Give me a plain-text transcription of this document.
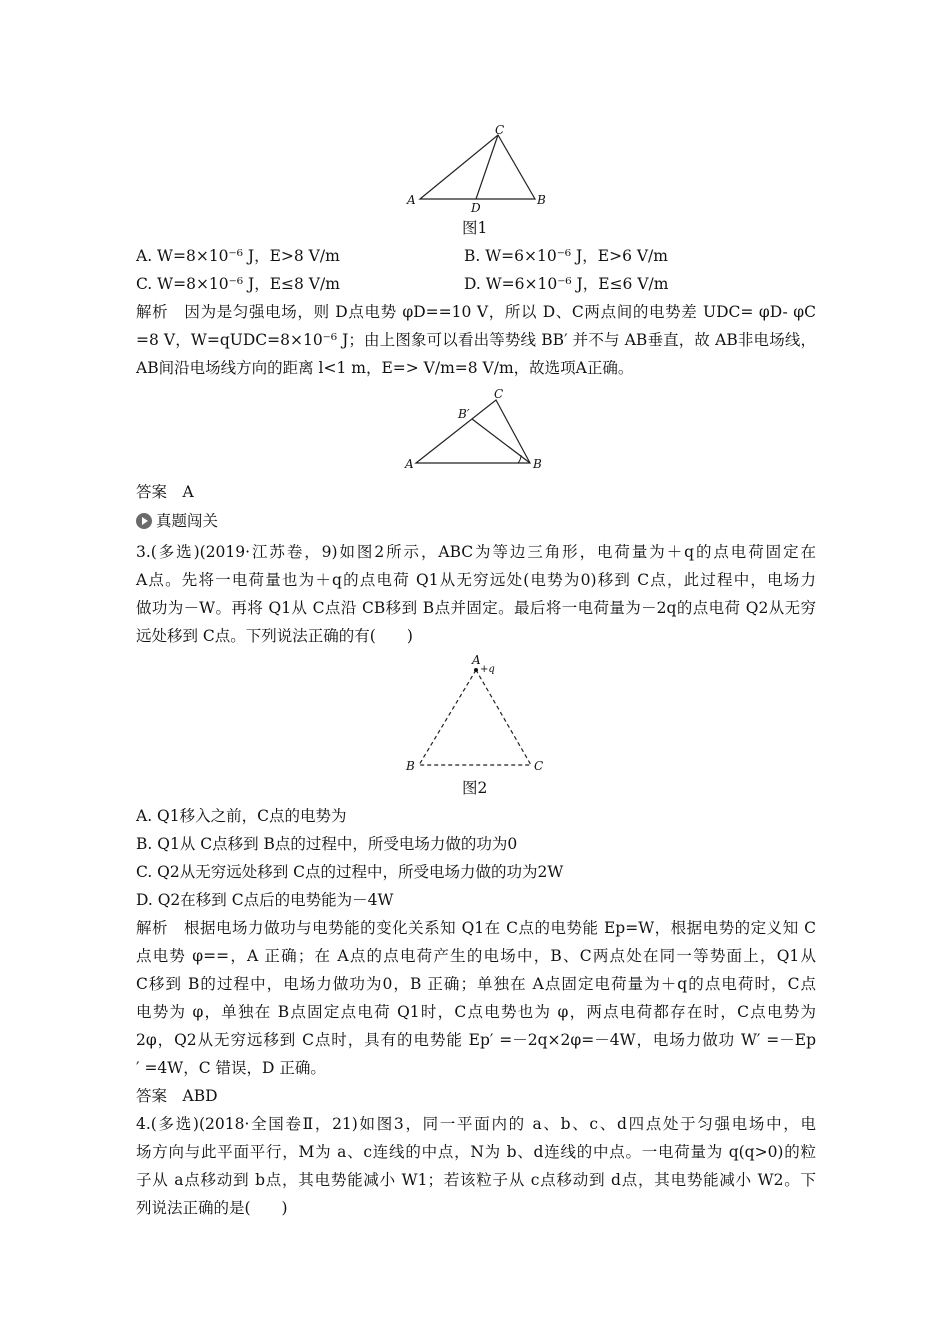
C
A	B
D
图1
A. W=8×10⁻⁶ J，E>8 V/m	B. W=6×10⁻⁶ J，E>6 V/m
C. W=8×10⁻⁶ J，E≤8 V/m	D. W=6×10⁻⁶ J，E≤6 V/m
解析　因为是匀强电场，则 D点电势 φD==10 V，所以 D、C两点间的电势差 UDC= φD- φC
=8 V，W=qUDC=8×10⁻⁶ J；由上图象可以看出等势线 BB′ 并不与 AB垂直，故 AB非电场线，
AB间沿电场线方向的距离 l<1 m，E=> V/m=8 V/m，故选项A正确。
C
B′
A	B
答案　A
真题闯关
3.(多选)(2019·江苏卷，9)如图2所示，ABC为等边三角形，电荷量为＋q的点电荷固定在
A点。先将一电荷量也为＋q的点电荷 Q1从无穷远处(电势为0)移到 C点，此过程中，电场力
做功为－W。再将 Q1从 C点沿 CB移到 B点并固定。最后将一电荷量为－2q的点电荷 Q2从无穷
远处移到 C点。下列说法正确的有(　　)
A
+q
B	C
图2
A. Q1移入之前，C点的电势为
B. Q1从 C点移到 B点的过程中，所受电场力做的功为0
C. Q2从无穷远处移到 C点的过程中，所受电场力做的功为2W
D. Q2在移到 C点后的电势能为－4W
解析　根据电场力做功与电势能的变化关系知 Q1在 C点的电势能 Ep=W，根据电势的定义知 C
点电势 φ==，A 正确；在 A点的点电荷产生的电场中，B、C两点处在同一等势面上，Q1从
C移到 B的过程中，电场力做功为0，B 正确；单独在 A点固定电荷量为＋q的点电荷时，C点
电势为 φ，单独在 B点固定点电荷 Q1时，C点电势也为 φ，两点电荷都存在时，C点电势为
2φ，Q2从无穷远移到 C点时，具有的电势能 Ep′ =－2q×2φ=－4W，电场力做功 W′ =－Ep
′ =4W，C 错误，D 正确。
答案　ABD
4.(多选)(2018·全国卷Ⅱ，21)如图3，同一平面内的 a、b、c、d四点处于匀强电场中，电
场方向与此平面平行，M为 a、c连线的中点，N为 b、d连线的中点。一电荷量为 q(q>0)的粒
子从 a点移动到 b点，其电势能减小 W1；若该粒子从 c点移动到 d点，其电势能减小 W2。下
列说法正确的是(　　)
